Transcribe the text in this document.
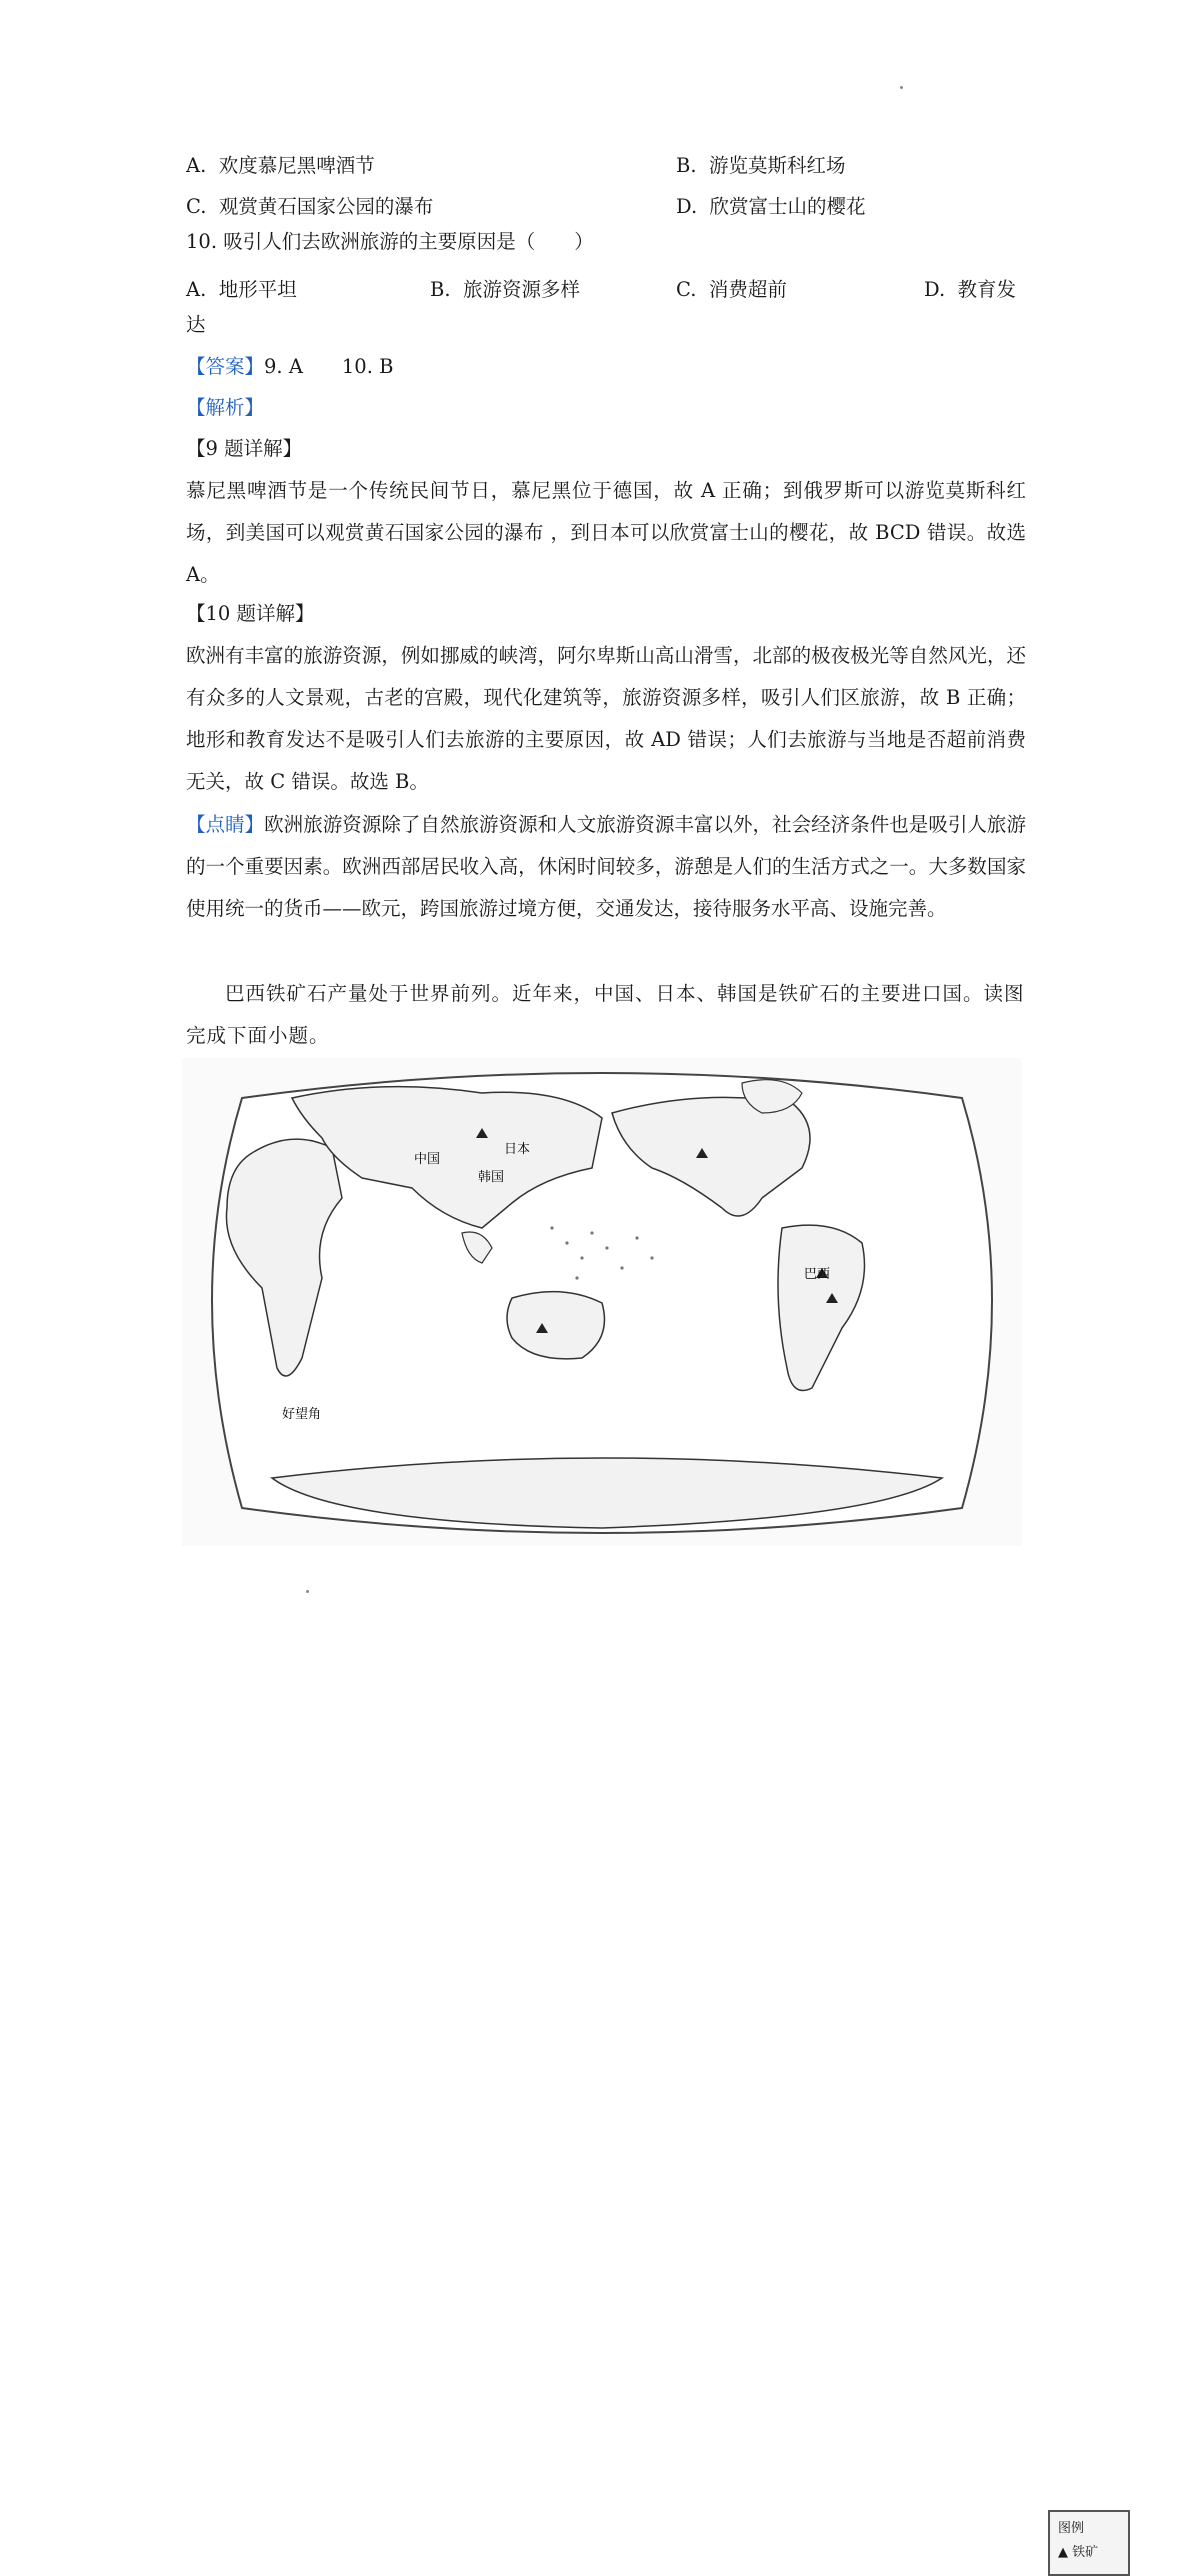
A. 欢度慕尼黑啤酒节	B. 游览莫斯科红场
C. 观赏黄石国家公园的瀑布	D. 欣赏富士山的樱花
10. 吸引人们去欧洲旅游的主要原因是（　　）
A. 地形平坦	B. 旅游资源多样	C. 消费超前	D. 教育发
达
【答案】9. A　　10. B
【解析】
【9 题详解】
慕尼黑啤酒节是一个传统民间节日，慕尼黑位于德国，故 A 正确；到俄罗斯可以游览莫斯科红场，到美国可以观赏黄石国家公园的瀑布 ，到日本可以欣赏富士山的樱花，故 BCD 错误。故选 A。
【10 题详解】
欧洲有丰富的旅游资源，例如挪威的峡湾，阿尔卑斯山高山滑雪，北部的极夜极光等自然风光，还有众多的人文景观，古老的宫殿，现代化建筑等，旅游资源多样，吸引人们区旅游，故 B 正确；地形和教育发达不是吸引人们去旅游的主要原因，故 AD 错误；人们去旅游与当地是否超前消费无关，故 C 错误。故选 B。
【点睛】欧洲旅游资源除了自然旅游资源和人文旅游资源丰富以外，社会经济条件也是吸引人旅游的一个重要因素。欧洲西部居民收入高，休闲时间较多，游憩是人们的生活方式之一。大多数国家使用统一的货币——欧元，跨国旅游过境方便，交通发达，接待服务水平高、设施完善。
巴西铁矿石产量处于世界前列。近年来，中国、日本、韩国是铁矿石的主要进口国。读图完成下面小题。
中国
日本
韩国
巴西
好望角
图例
▲ 铁矿
